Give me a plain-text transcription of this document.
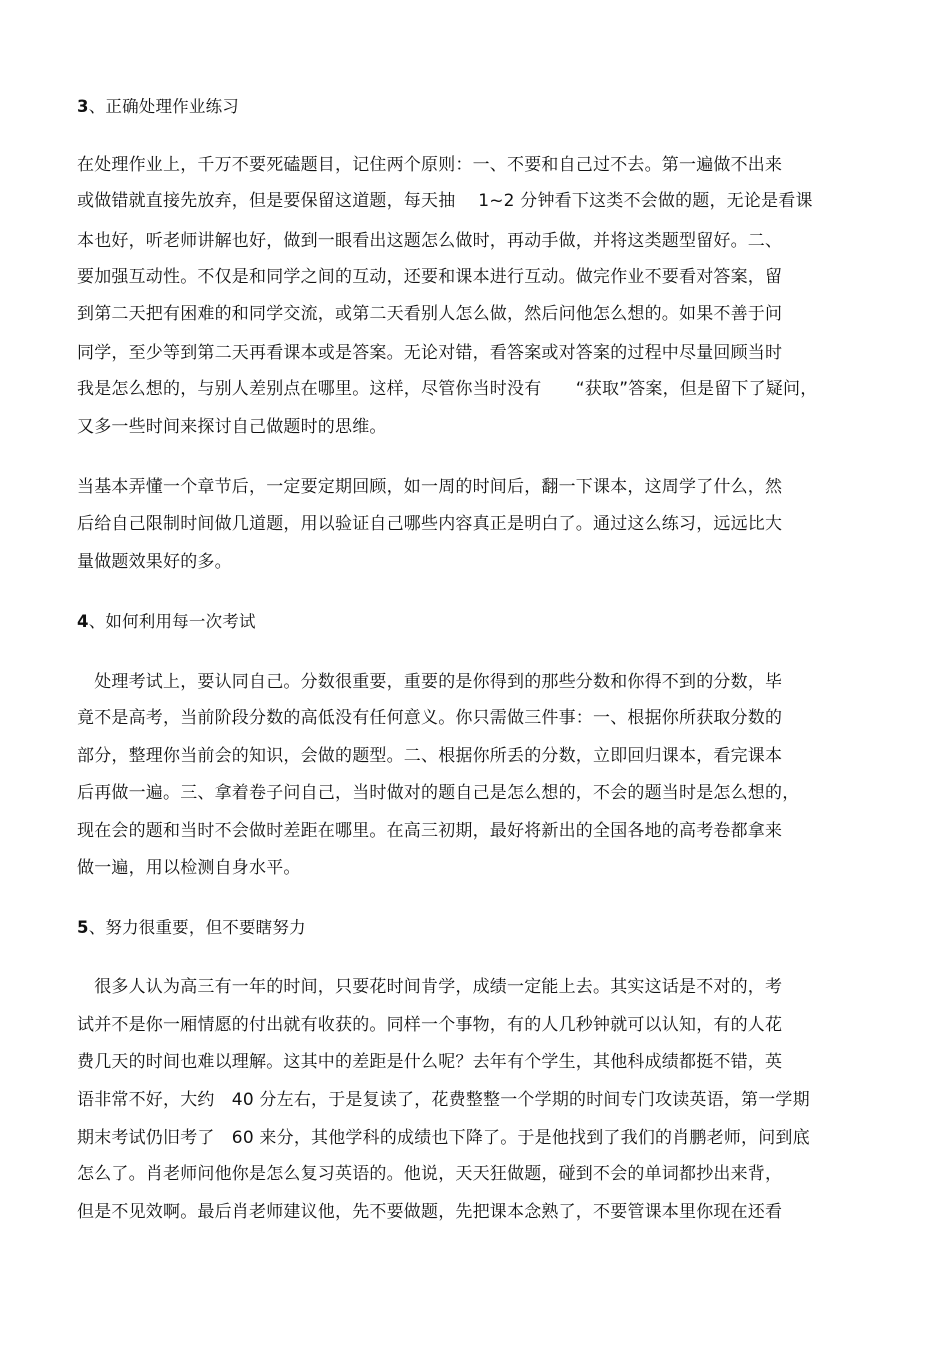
3、正确处理作业练习
在处理作业上，千万不要死磕题目，记住两个原则：一、不要和自己过不去。第一遍做不出来
或做错就直接先放弃，但是要保留这道题，每天抽　 1~2 分钟看下这类不会做的题，无论是看课
本也好，听老师讲解也好，做到一眼看出这题怎么做时，再动手做，并将这类题型留好。二、
要加强互动性。不仅是和同学之间的互动，还要和课本进行互动。做完作业不要看对答案，留
到第二天把有困难的和同学交流，或第二天看别人怎么做，然后问他怎么想的。如果不善于问
同学，至少等到第二天再看课本或是答案。无论对错，看答案或对答案的过程中尽量回顾当时
我是怎么想的，与别人差别点在哪里。这样，尽管你当时没有　　“获取”答案，但是留下了疑问，
又多一些时间来探讨自己做题时的思维。
当基本弄懂一个章节后，一定要定期回顾，如一周的时间后，翻一下课本，这周学了什么，然
后给自己限制时间做几道题，用以验证自己哪些内容真正是明白了。通过这么练习，远远比大
量做题效果好的多。
4、如何利用每一次考试
　处理考试上，要认同自己。分数很重要，重要的是你得到的那些分数和你得不到的分数，毕
竟不是高考，当前阶段分数的高低没有任何意义。你只需做三件事：一、根据你所获取分数的
部分，整理你当前会的知识，会做的题型。二、根据你所丢的分数，立即回归课本，看完课本
后再做一遍。三、拿着卷子问自己，当时做对的题自己是怎么想的，不会的题当时是怎么想的，
现在会的题和当时不会做时差距在哪里。在高三初期，最好将新出的全国各地的高考卷都拿来
做一遍，用以检测自身水平。
5、努力很重要，但不要瞎努力
　很多人认为高三有一年的时间，只要花时间肯学，成绩一定能上去。其实这话是不对的，考
试并不是你一厢情愿的付出就有收获的。同样一个事物，有的人几秒钟就可以认知，有的人花
费几天的时间也难以理解。这其中的差距是什么呢？去年有个学生，其他科成绩都挺不错，英
语非常不好，大约　40 分左右，于是复读了，花费整整一个学期的时间专门攻读英语，第一学期
期末考试仍旧考了　60 来分，其他学科的成绩也下降了。于是他找到了我们的肖鹏老师，问到底
怎么了。肖老师问他你是怎么复习英语的。他说，天天狂做题，碰到不会的单词都抄出来背，
但是不见效啊。最后肖老师建议他，先不要做题，先把课本念熟了，不要管课本里你现在还看
